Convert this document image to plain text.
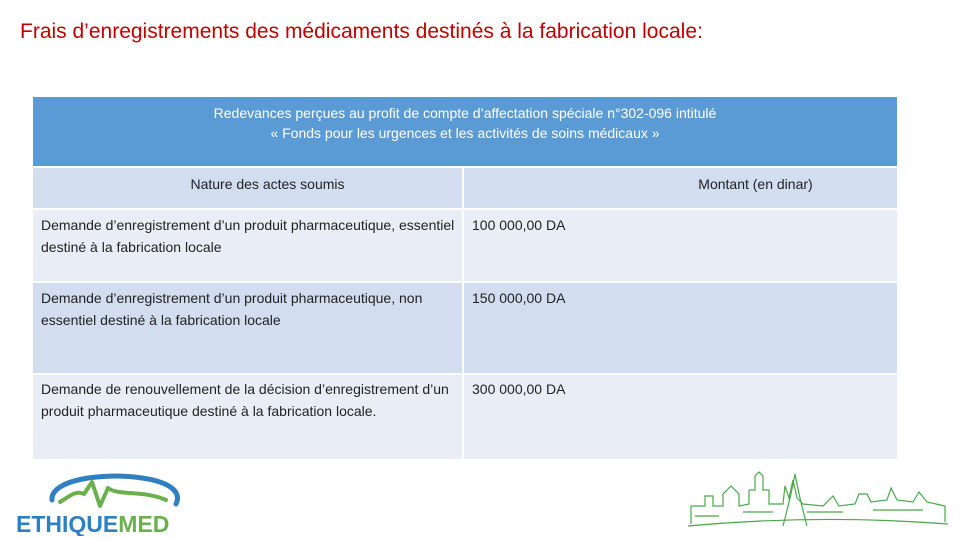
Frais d’enregistrements des médicaments destinés à la fabrication locale:
Redevances perçues au profit de compte d’affectation spéciale n°302-096 intitulé
« Fonds pour les urgences et les activités de soins médicaux »
Nature des actes soumis	Montant (en dinar)
Demande d’enregistrement d’un produit pharmaceutique, essentiel destiné à la fabrication locale
100 000,00 DA
Demande d’enregistrement d’un produit pharmaceutique, non essentiel destiné à la fabrication locale
150 000,00 DA
Demande de renouvellement de la décision d’enregistrement d’un produit pharmaceutique destiné à la fabrication locale.
300 000,00 DA
ETHIQUEMED
